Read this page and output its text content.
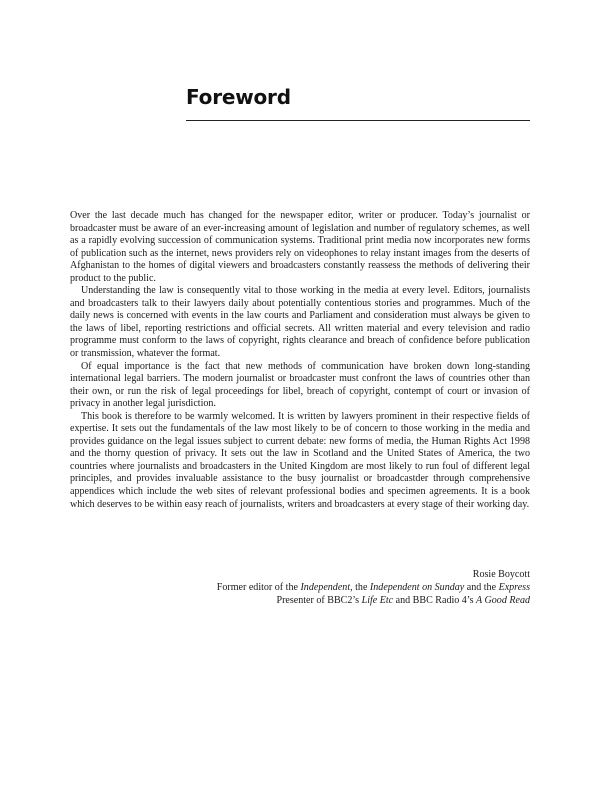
Foreword

Over the last decade much has changed for the newspaper editor, writer or producer. Today’s journalist or broadcaster must be aware of an ever-increasing amount of legislation and number of regulatory schemes, as well as a rapidly evolving succession of communication systems. Traditional print media now incorporates new forms of publication such as the internet, news providers rely on videophones to relay instant images from the deserts of Afghanistan to the homes of digital viewers and broadcasters constantly reassess the methods of delivering their product to the public.

Understanding the law is consequently vital to those working in the media at every level. Editors, journalists and broadcasters talk to their lawyers daily about potentially contentious stories and programmes. Much of the daily news is concerned with events in the law courts and Parliament and consideration must always be given to the laws of libel, reporting restrictions and official secrets. All written material and every television and radio programme must conform to the laws of copyright, rights clearance and breach of confidence before publication or transmission, whatever the format.

Of equal importance is the fact that new methods of communication have broken down long-standing international legal barriers. The modern journalist or broadcaster must confront the laws of countries other than their own, or run the risk of legal proceedings for libel, breach of copyright, contempt of court or invasion of privacy in another legal jurisdiction.

This book is therefore to be warmly welcomed. It is written by lawyers prominent in their respective fields of expertise. It sets out the fundamentals of the law most likely to be of concern to those working in the media and provides guidance on the legal issues subject to current debate: new forms of media, the Human Rights Act 1998 and the thorny question of privacy. It sets out the law in Scotland and the United States of America, the two countries where journalists and broadcasters in the United Kingdom are most likely to run foul of different legal principles, and provides invaluable assistance to the busy journalist or broadcastder through comprehensive appendices which include the web sites of relevant professional bodies and specimen agreements. It is a book which deserves to be within easy reach of journalists, writers and broadcasters at every stage of their working day.

Rosie Boycott
Former editor of the Independent, the Independent on Sunday and the Express
Presenter of BBC2’s Life Etc and BBC Radio 4’s A Good Read
